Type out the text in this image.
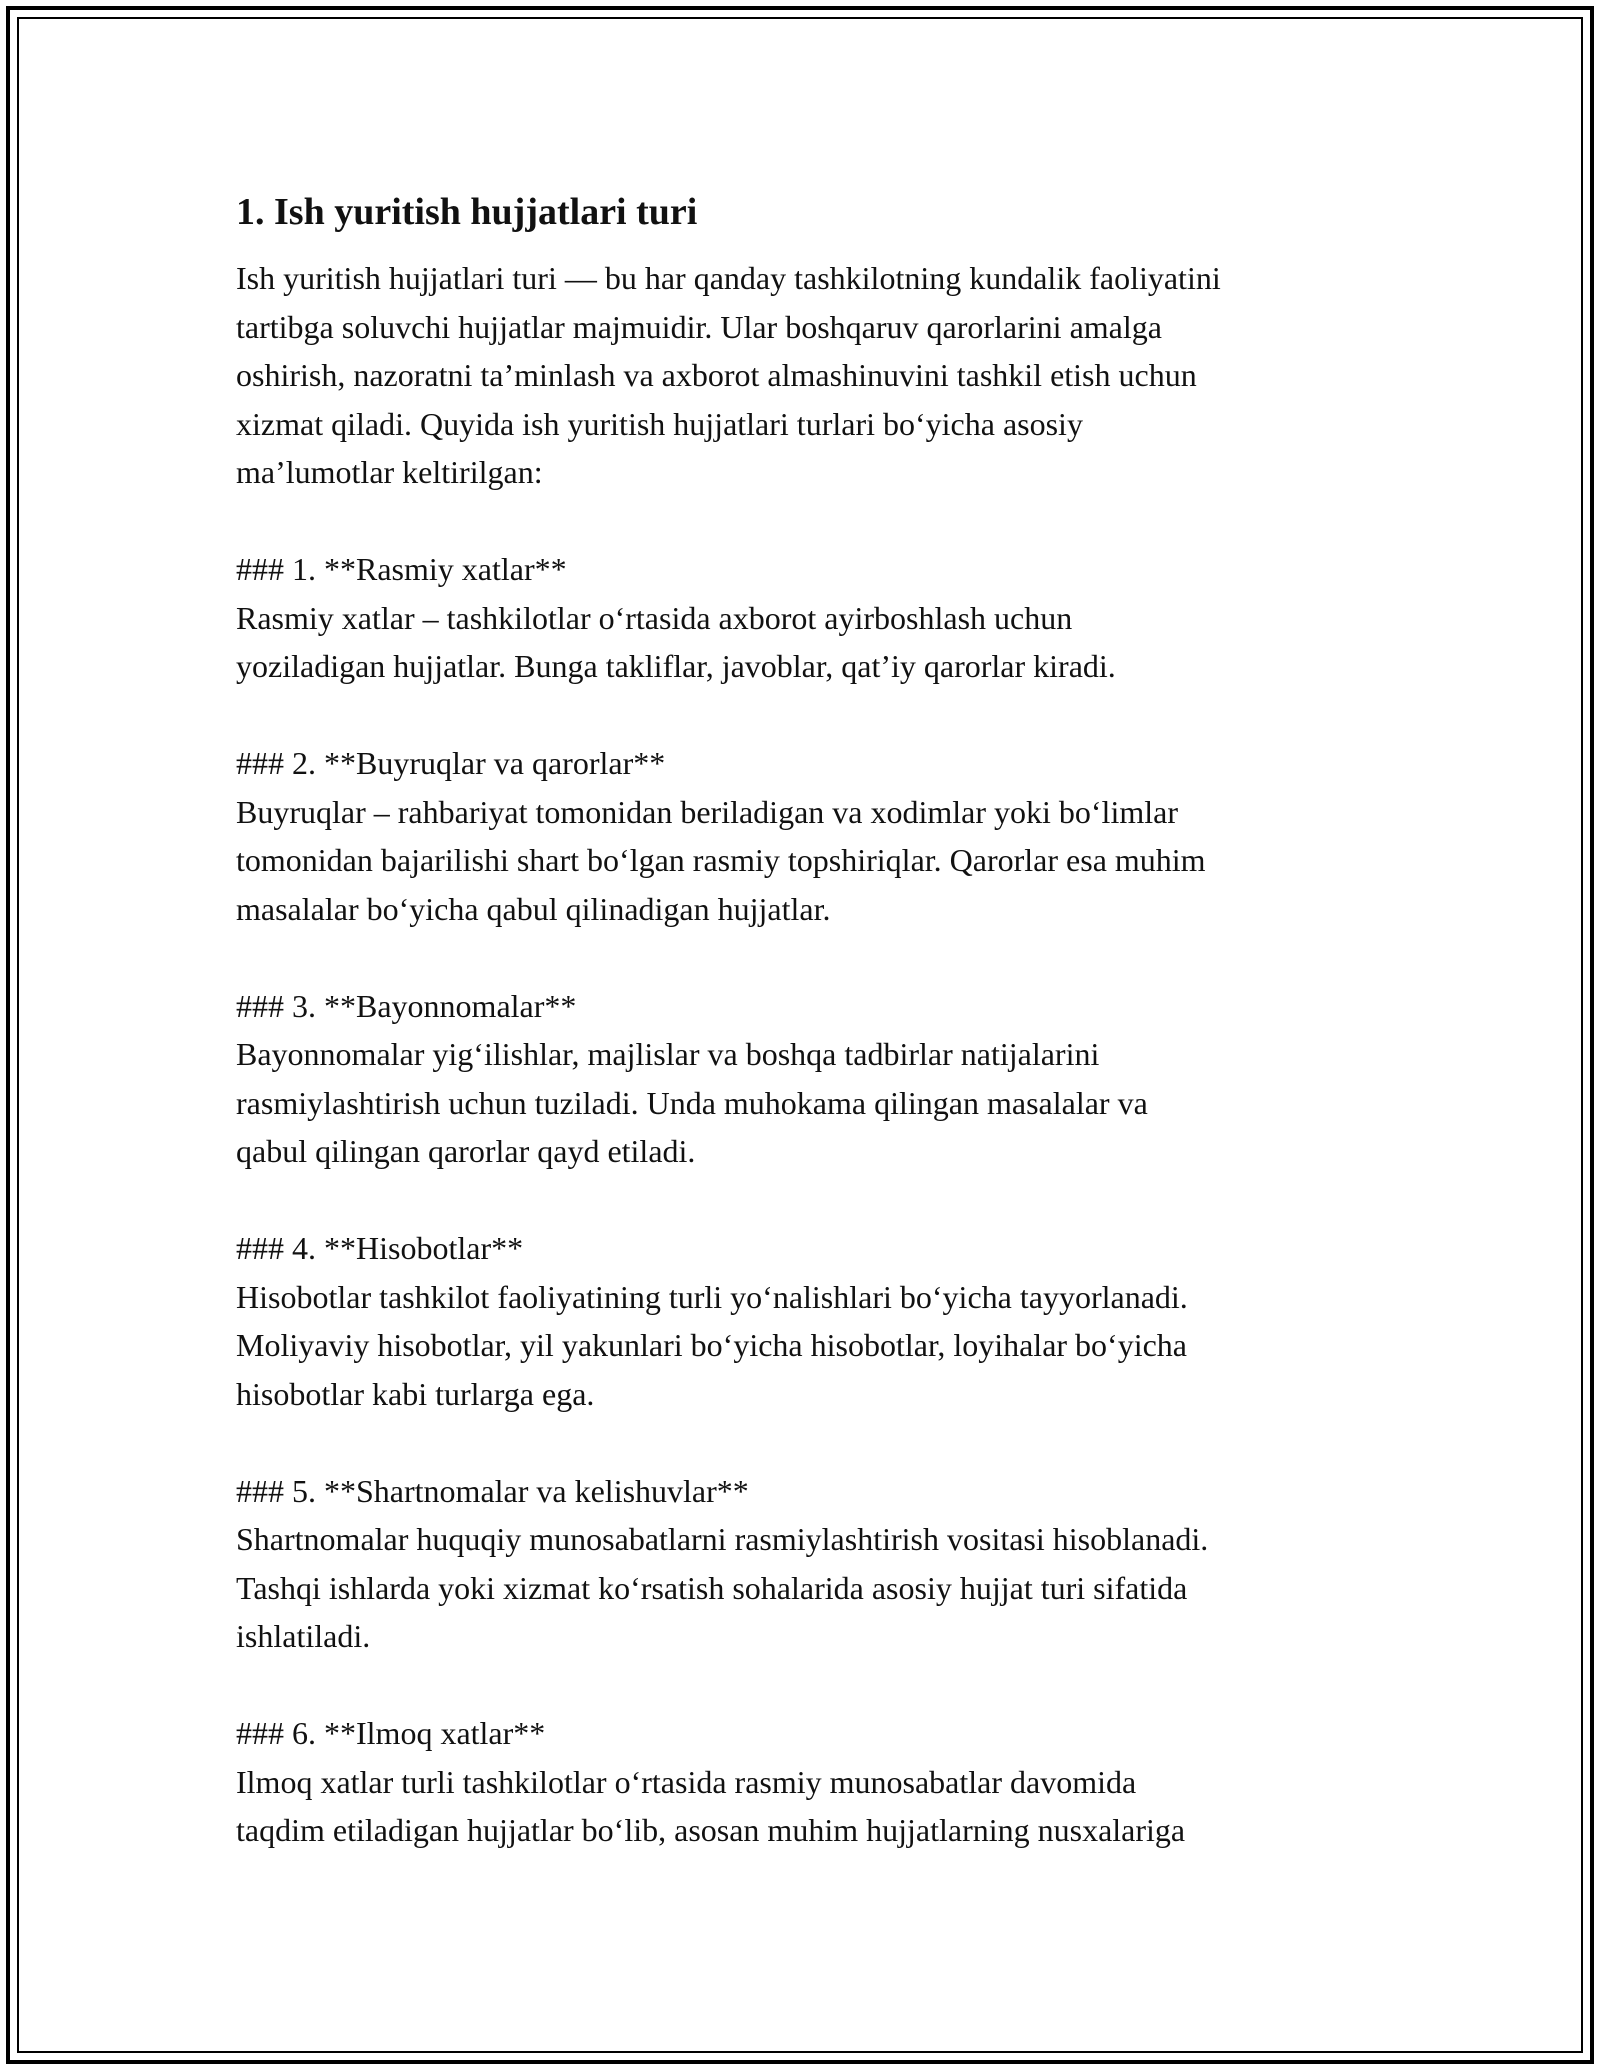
1. Ish yuritish hujjatlari turi

Ish yuritish hujjatlari turi — bu har qanday tashkilotning kundalik faoliyatini
tartibga soluvchi hujjatlar majmuidir. Ular boshqaruv qarorlarini amalga
oshirish, nazoratni ta’minlash va axborot almashinuvini tashkil etish uchun
xizmat qiladi. Quyida ish yuritish hujjatlari turlari bo‘yicha asosiy
ma’lumotlar keltirilgan:

### 1. **Rasmiy xatlar**
Rasmiy xatlar – tashkilotlar o‘rtasida axborot ayirboshlash uchun
yoziladigan hujjatlar. Bunga takliflar, javoblar, qat’iy qarorlar kiradi.

### 2. **Buyruqlar va qarorlar**
Buyruqlar – rahbariyat tomonidan beriladigan va xodimlar yoki bo‘limlar
tomonidan bajarilishi shart bo‘lgan rasmiy topshiriqlar. Qarorlar esa muhim
masalalar bo‘yicha qabul qilinadigan hujjatlar.

### 3. **Bayonnomalar**
Bayonnomalar yig‘ilishlar, majlislar va boshqa tadbirlar natijalarini
rasmiylashtirish uchun tuziladi. Unda muhokama qilingan masalalar va
qabul qilingan qarorlar qayd etiladi.

### 4. **Hisobotlar**
Hisobotlar tashkilot faoliyatining turli yo‘nalishlari bo‘yicha tayyorlanadi.
Moliyaviy hisobotlar, yil yakunlari bo‘yicha hisobotlar, loyihalar bo‘yicha
hisobotlar kabi turlarga ega.

### 5. **Shartnomalar va kelishuvlar**
Shartnomalar huquqiy munosabatlarni rasmiylashtirish vositasi hisoblanadi.
Tashqi ishlarda yoki xizmat ko‘rsatish sohalarida asosiy hujjat turi sifatida
ishlatiladi.

### 6. **Ilmoq xatlar**
Ilmoq xatlar turli tashkilotlar o‘rtasida rasmiy munosabatlar davomida
taqdim etiladigan hujjatlar bo‘lib, asosan muhim hujjatlarning nusxalariga
